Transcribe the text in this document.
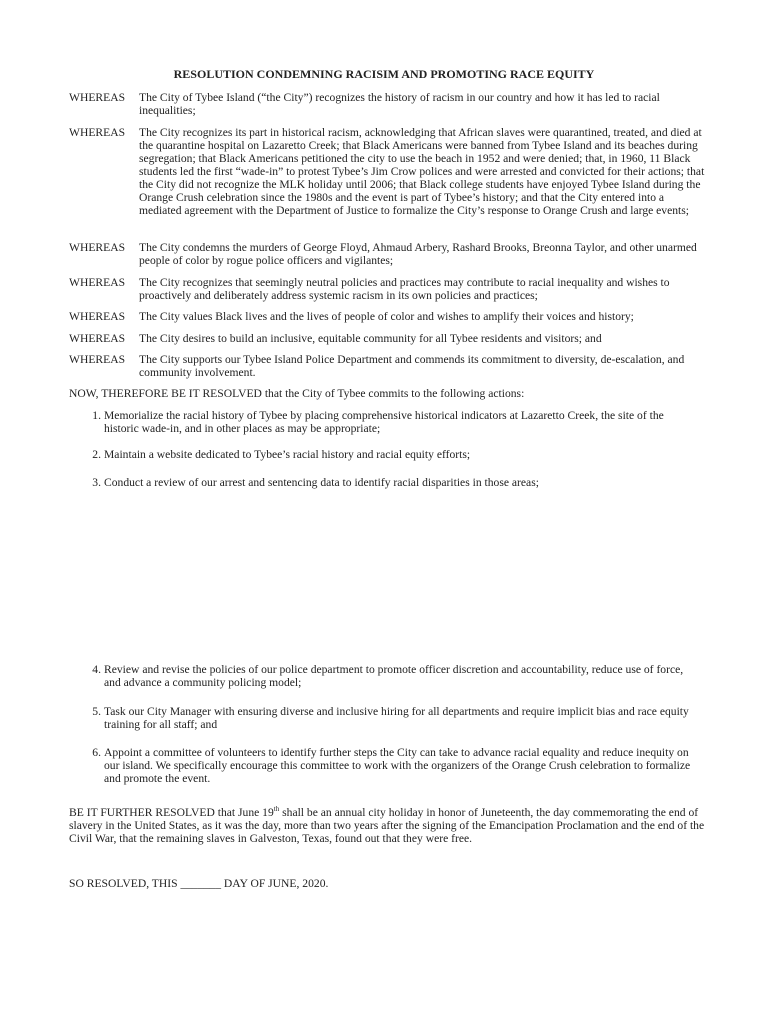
RESOLUTION CONDEMNING RACISIM AND PROMOTING RACE EQUITY
WHEREAS	The City of Tybee Island (“the City”) recognizes the history of racism in our country and how it has led to racial inequalities;
WHEREAS	The City recognizes its part in historical racism, acknowledging that African slaves were quarantined, treated, and died at the quarantine hospital on Lazaretto Creek; that Black Americans were banned from Tybee Island and its beaches during segregation; that Black Americans petitioned the city to use the beach in 1952 and were denied; that, in 1960, 11 Black students led the first “wade-in” to protest Tybee’s Jim Crow polices and were arrested and convicted for their actions; that the City did not recognize the MLK holiday until 2006; that Black college students have enjoyed Tybee Island during the Orange Crush celebration since the 1980s and the event is part of Tybee’s history; and that the City entered into a mediated agreement with the Department of Justice to formalize the City’s response to Orange Crush and large events;
WHEREAS	The City condemns the murders of George Floyd, Ahmaud Arbery, Rashard Brooks, Breonna Taylor, and other unarmed people of color by rogue police officers and vigilantes;
WHEREAS	The City recognizes that seemingly neutral policies and practices may contribute to racial inequality and wishes to proactively and deliberately address systemic racism in its own policies and practices;
WHEREAS	The City values Black lives and the lives of people of color and wishes to amplify their voices and history;
WHEREAS	The City desires to build an inclusive, equitable community for all Tybee residents and visitors; and
WHEREAS	The City supports our Tybee Island Police Department and commends its commitment to diversity, de-escalation, and community involvement.
NOW, THEREFORE BE IT RESOLVED that the City of Tybee commits to the following actions:
1. Memorialize the racial history of Tybee by placing comprehensive historical indicators at Lazaretto Creek, the site of the historic wade-in, and in other places as may be appropriate;
2. Maintain a website dedicated to Tybee’s racial history and racial equity efforts;
3. Conduct a review of our arrest and sentencing data to identify racial disparities in those areas;
4. Review and revise the policies of our police department to promote officer discretion and accountability, reduce use of force, and advance a community policing model;
5. Task our City Manager with ensuring diverse and inclusive hiring for all departments and require implicit bias and race equity training for all staff; and
6. Appoint a committee of volunteers to identify further steps the City can take to advance racial equality and reduce inequity on our island. We specifically encourage this committee to work with the organizers of the Orange Crush celebration to formalize and promote the event.
BE IT FURTHER RESOLVED that June 19th shall be an annual city holiday in honor of Juneteenth, the day commemorating the end of slavery in the United States, as it was the day, more than two years after the signing of the Emancipation Proclamation and the end of the Civil War, that the remaining slaves in Galveston, Texas, found out that they were free.
SO RESOLVED, THIS _______ DAY OF JUNE, 2020.
